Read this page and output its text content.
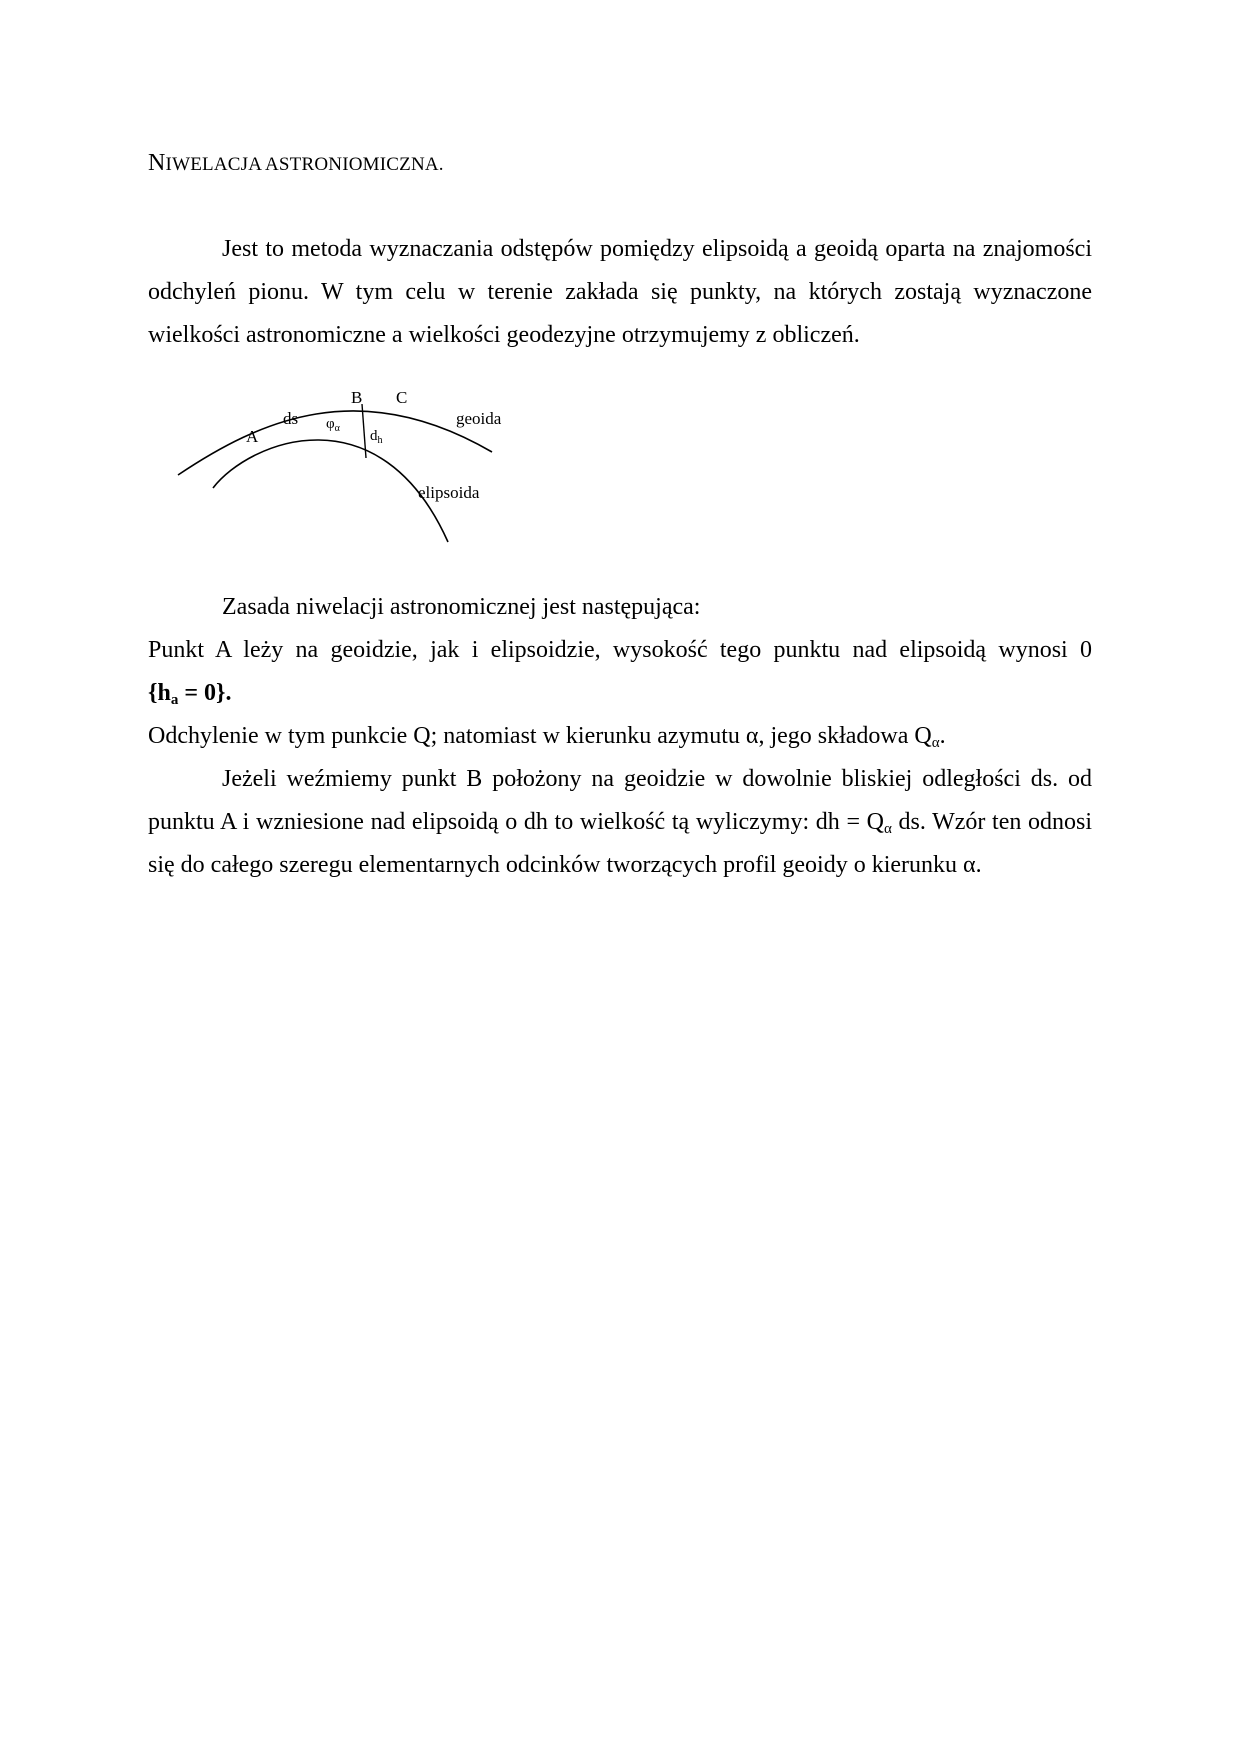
NIWELACJA ASTRONIOMICZNA.

Jest to metoda wyznaczania odstępów pomiędzy elipsoidą a geoidą oparta na znajomości odchyleń pionu. W tym celu w terenie zakłada się punkty, na których zostają wyznaczone wielkości astronomiczne a wielkości geodezyjne otrzymujemy z obliczeń.

A
ds
B C
$\varphi_\alpha$ $d_h$
geoida
elipsoida
Zasada niwelacji astronomicznej jest następująca:
Punkt A leży na geoidzie, jak i elipsoidzie, wysokość tego punktu nad elipsoidą wynosi 0
$\{h_a = 0\}$.
Odchylenie w tym punkcie Q; natomiast w kierunku azymutu α, jego składowa $Q_\alpha$.
Jeżeli weźmiemy punkt B położony na geoidzie w dowolnie bliskiej odległości ds. od punktu A i wzniesione nad elipsoidą o dh to wielkość tą wyliczymy: dh = $Q_\alpha$ ds. Wzór ten odnosi się do całego szeregu elementarnych odcinków tworzących profil geoidy o kierunku α.
